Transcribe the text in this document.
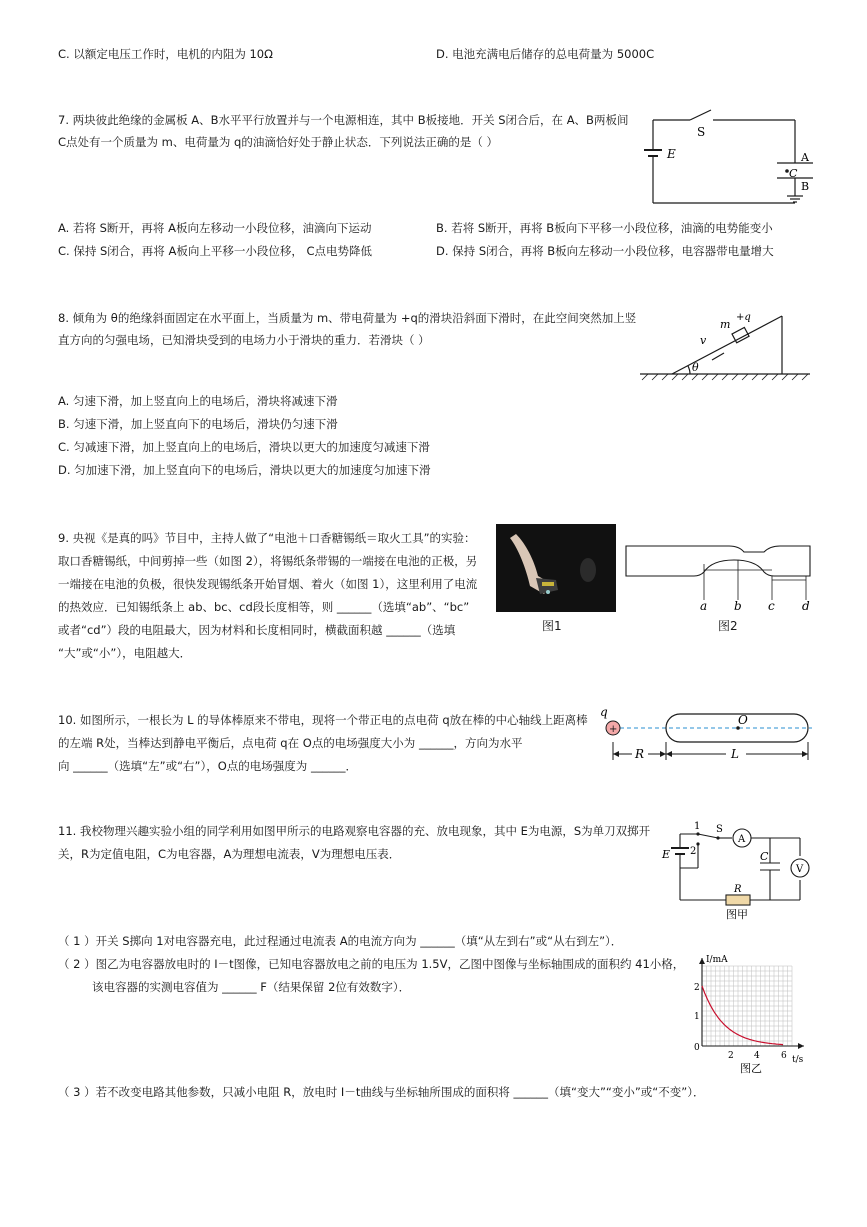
C. 以额定电压工作时，电机的内阻为 10Ω	D. 电池充满电后储存的总电荷量为 5000C
7. 两块彼此绝缘的金属板 A、B水平平行放置并与一个电源相连，其中 B板接地．开关 S闭合后，在 A、B两板间
C点处有一个质量为 m、电荷量为 q的油滴恰好处于静止状态．下列说法正确的是（ ）
A. 若将 S断开，再将 A板向左移动一小段位移，油滴向下运动	B. 若将 S断开，再将 B板向下平移一小段位移，油滴的电势能变小
C. 保持 S闭合，再将 A板向上平移一小段位移， C点电势降低	D. 保持 S闭合，再将 B板向左移动一小段位移，电容器带电量增大
S
E	A
C
B
8. 倾角为 θ的绝缘斜面固定在水平面上，当质量为 m、带电荷量为 +q的滑块沿斜面下滑时，在此空间突然加上竖
直方向的匀强电场，已知滑块受到的电场力小于滑块的重力．若滑块（ ）
A. 匀速下滑，加上竖直向上的电场后，滑块将减速下滑
B. 匀速下滑，加上竖直向下的电场后，滑块仍匀速下滑
C. 匀减速下滑，加上竖直向上的电场后，滑块以更大的加速度匀减速下滑
D. 匀加速下滑，加上竖直向下的电场后，滑块以更大的加速度匀加速下滑
+q
m
v
θ
9. 央视《是真的吗》节目中，主持人做了“电池＋口香糖锡纸＝取火工具”的实验：
取口香糖锡纸，中间剪掉一些（如图 2），将锡纸条带锡的一端接在电池的正极，另
一端接在电池的负极，很快发现锡纸条开始冒烟、着火（如图 1），这里利用了电流
的热效应．已知锡纸条上 ab、bc、cd段长度相等，则 ______（选填“ab”、“bc”
或者“cd”）段的电阻最大，因为材料和长度相同时，横截面积越 ______（选填
“大”或“小”），电阻越大．
图1
a b c d
图2
10. 如图所示，一根长为 L 的导体棒原来不带电，现将一个带正电的点电荷 q放在棒的中心轴线上距离棒
的左端 R处，当棒达到静电平衡后，点电荷 q在 O点的电场强度大小为 ______，方向为水平
向 ______（选填“左”或“右”），O点的电场强度为 ______．
+
q
O
R	L
11. 我校物理兴趣实验小组的同学利用如图甲所示的电路观察电容器的充、放电现象，其中 E为电源，S为单刀双掷开
关，R为定值电阻，C为电容器，A为理想电流表，V为理想电压表．
1
2
S
A
E	C
V
R
图甲
（ 1 ）开关 S掷向 1对电容器充电，此过程通过电流表 A的电流方向为 ______（填“从左到右”或“从右到左”）．
（ 2 ）图乙为电容器放电时的 I－t图像，已知电容器放电之前的电压为 1.5V，乙图中图像与坐标轴围成的面积约 41小格，
该电容器的实测电容值为 ______ F（结果保留 2位有效数字）．
（ 3 ）若不改变电路其他参数，只减小电阻 R，放电时 I－t曲线与坐标轴所围成的面积将 ______（填“变大”“变小”或“不变”）．
I/mA
t/s
2
1
0
2 4 6
图乙
